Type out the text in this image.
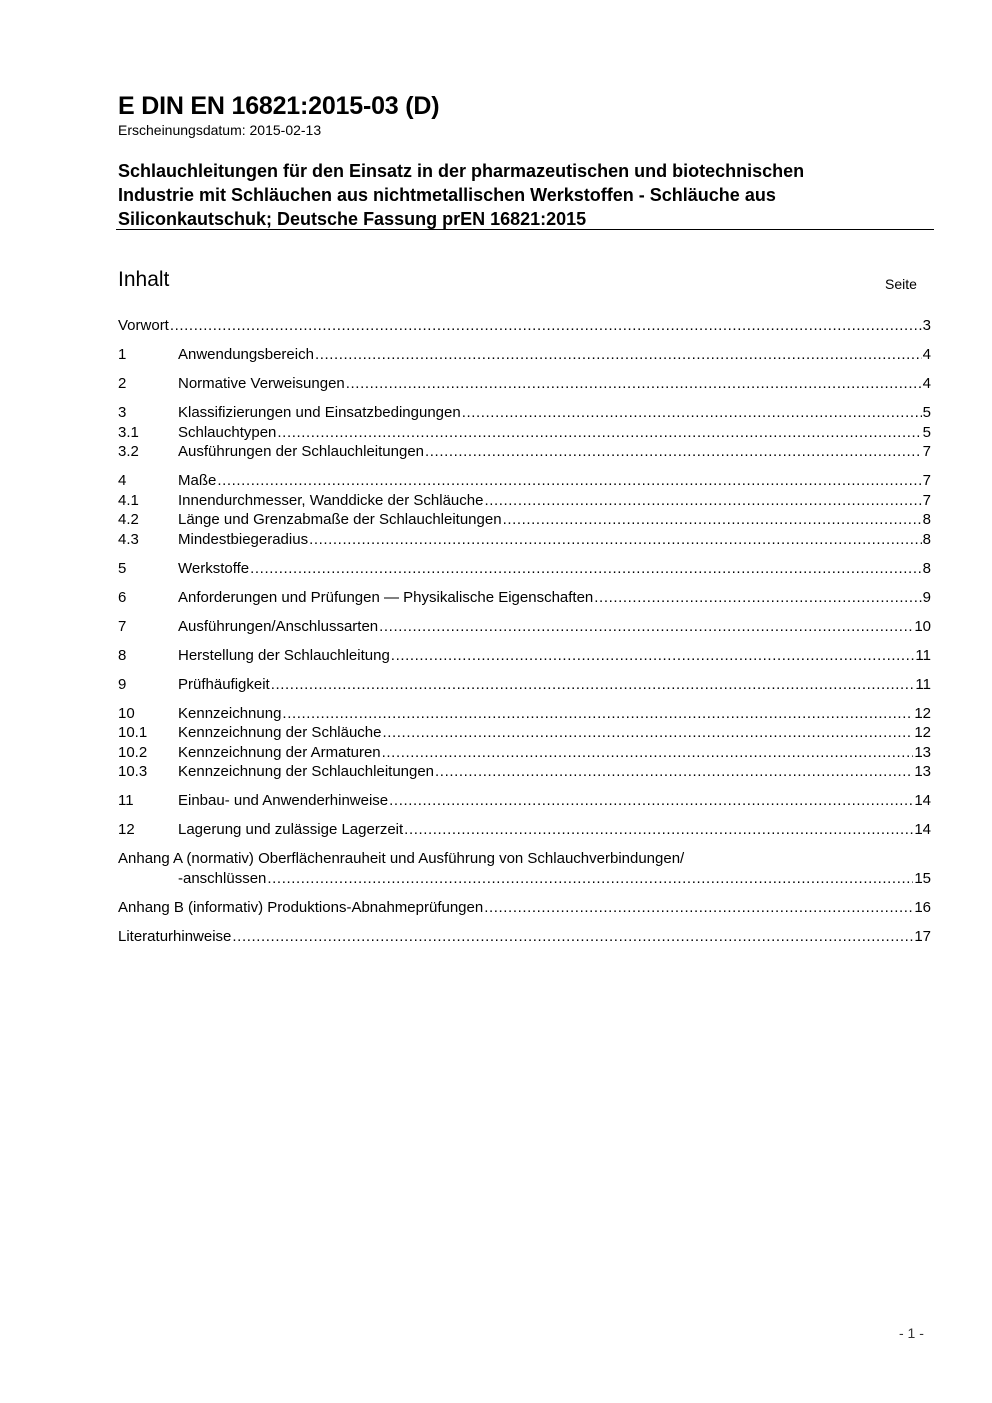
E DIN EN 16821:2015-03 (D)
Erscheinungsdatum: 2015-02-13
Schlauchleitungen für den Einsatz in der pharmazeutischen und biotechnischen
Industrie mit Schläuchen aus nichtmetallischen Werkstoffen - Schläuche aus
Siliconkautschuk; Deutsche Fassung prEN 16821:2015
Inhalt	Seite
Vorwort .....	3
1	Anwendungsbereich .....	4
2	Normative Verweisungen .....	4
3	Klassifizierungen und Einsatzbedingungen .....	5
3.1	Schlauchtypen .....	5
3.2	Ausführungen der Schlauchleitungen .....	7
4	Maße .....	7
4.1	Innendurchmesser, Wanddicke der Schläuche .....	7
4.2	Länge und Grenzabmaße der Schlauchleitungen .....	8
4.3	Mindestbiegeradius .....	8
5	Werkstoffe .....	8
6	Anforderungen und Prüfungen — Physikalische Eigenschaften .....	9
7	Ausführungen/Anschlussarten .....	10
8	Herstellung der Schlauchleitung .....	11
9	Prüfhäufigkeit .....	11
10	Kennzeichnung .....	12
10.1	Kennzeichnung der Schläuche .....	12
10.2	Kennzeichnung der Armaturen .....	13
10.3	Kennzeichnung der Schlauchleitungen .....	13
11	Einbau- und Anwenderhinweise .....	14
12	Lagerung und zulässige Lagerzeit .....	14
Anhang A (normativ) Oberflächenrauheit und Ausführung von Schlauchverbindungen/
-anschlüssen .....	15
Anhang B (informativ) Produktions-Abnahmeprüfungen .....	16
Literaturhinweise .....	17
- 1 -
